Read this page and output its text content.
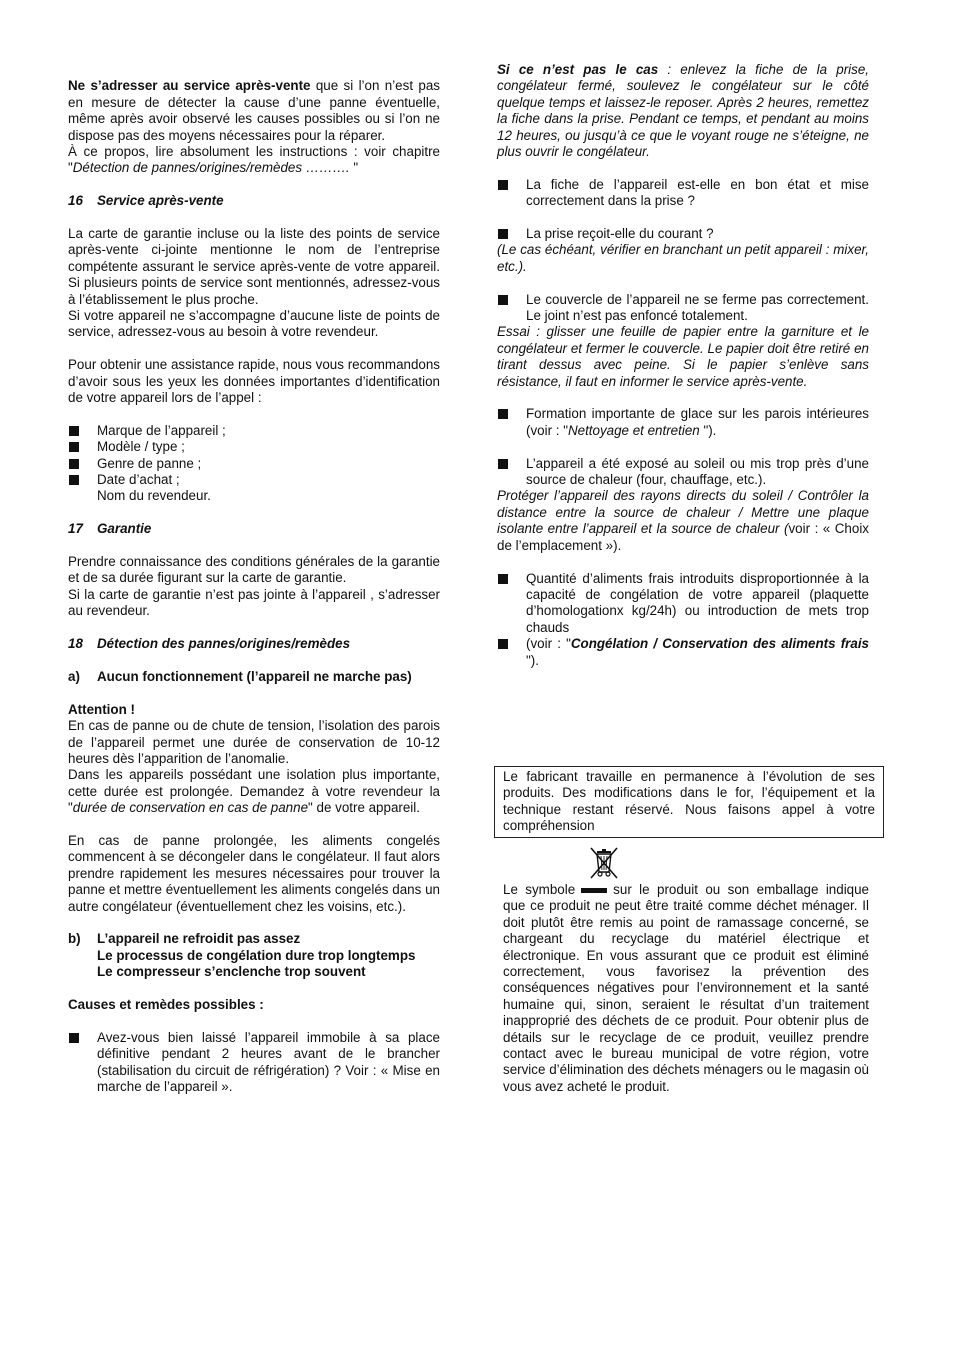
Ne s’adresser au service après-vente que si l’on n’est pas en mesure de détecter la cause d’une panne éventuelle, même après avoir observé les causes possibles ou si l’on ne dispose pas des moyens nécessaires pour la réparer.

À ce propos, lire absolument les instructions : voir chapitre "Détection de pannes/origines/remèdes ………. "

16 Service après-vente

La carte de garantie incluse ou la liste des points de service après-vente ci-jointe mentionne le nom de l’entreprise compétente assurant le service après-vente de votre appareil. Si plusieurs points de service sont mentionnés, adressez-vous à l’établissement le plus proche.

Si votre appareil ne s’accompagne d’aucune liste de points de service, adressez-vous au besoin à votre revendeur.

Pour obtenir une assistance rapide, nous vous recommandons d’avoir sous les yeux les données importantes d’identification de votre appareil lors de l’appel :

Marque de l’appareil ;
Modèle / type ;
Genre de panne ;
Date d’achat ;
Nom du revendeur.

17 Garantie

Prendre connaissance des conditions générales de la garantie et de sa durée figurant sur la carte de garantie.

Si la carte de garantie n’est pas jointe à l’appareil , s’adresser au revendeur.

18 Détection des pannes/origines/remèdes

a)	Aucun fonctionnement (l’appareil ne marche pas)

Attention !

En cas de panne ou de chute de tension, l’isolation des parois de l’appareil permet une durée de conservation de 10-12 heures dès l’apparition de l’anomalie.

Dans les appareils possédant une isolation plus importante, cette durée est prolongée. Demandez à votre revendeur la "durée de conservation en cas de panne" de votre appareil.

En cas de panne prolongée, les aliments congelés commencent à se décongeler dans le congélateur. Il faut alors prendre rapidement les mesures nécessaires pour trouver la panne et mettre éventuellement les aliments congelés dans un autre congélateur (éventuellement chez les voisins, etc.).

b)	L’appareil ne refroidit pas assez
Le processus de congélation dure trop longtemps
Le compresseur s’enclenche trop souvent

Causes et remèdes possibles :

Avez-vous bien laissé l’appareil immobile à sa place définitive pendant 2 heures avant de le brancher (stabilisation du circuit de réfrigération) ? Voir : « Mise en marche de l’appareil ».

Si ce n’est pas le cas : enlevez la fiche de la prise, congélateur fermé, soulevez le congélateur sur le côté quelque temps et laissez-le reposer. Après 2 heures, remettez la fiche dans la prise. Pendant ce temps, et pendant au moins 12 heures, ou jusqu’à ce que le voyant rouge ne s’éteigne, ne plus ouvrir le congélateur.

La fiche de l’appareil est-elle en bon état et mise correctement dans la prise ?

La prise reçoit-elle du courant ?

(Le cas échéant, vérifier en branchant un petit appareil : mixer, etc.).

Le couvercle de l’appareil ne se ferme pas correctement. Le joint n’est pas enfoncé totalement.

Essai : glisser une feuille de papier entre la garniture et le congélateur et fermer le couvercle. Le papier doit être retiré en tirant dessus avec peine. Si le papier s’enlève sans résistance, il faut en informer le service après-vente.

Formation importante de glace sur les parois intérieures (voir : "Nettoyage et entretien ").

L’appareil a été exposé au soleil ou mis trop près d’une source de chaleur (four, chauffage, etc.).

Protéger l’appareil des rayons directs du soleil / Contrôler la distance entre la source de chaleur / Mettre une plaque isolante entre l’appareil et la source de chaleur (voir : « Choix de l’emplacement »).

Quantité d’aliments frais introduits disproportionnée à la capacité de congélation de votre appareil (plaquette d’homologationx kg/24h) ou introduction de mets trop chauds

(voir : "Congélation / Conservation des aliments frais ").

Le fabricant travaille en permanence à l’évolution de ses produits. Des modifications dans le for, l’équipement et la technique restant réservé. Nous faisons appel à votre compréhension
Le symbole	sur le produit ou son emballage indique que ce produit ne peut être traité comme déchet ménager. Il doit plutôt être remis au point de ramassage concerné, se chargeant du recyclage du matériel électrique et électronique. En vous assurant que ce produit est éliminé correctement, vous favorisez la prévention des conséquences négatives pour l’environnement et la santé humaine qui, sinon, seraient le résultat d’un traitement inapproprié des déchets de ce produit. Pour obtenir plus de détails sur le recyclage de ce produit, veuillez prendre contact avec le bureau municipal de votre région, votre service d’élimination des déchets ménagers ou le magasin où vous avez acheté le produit.
